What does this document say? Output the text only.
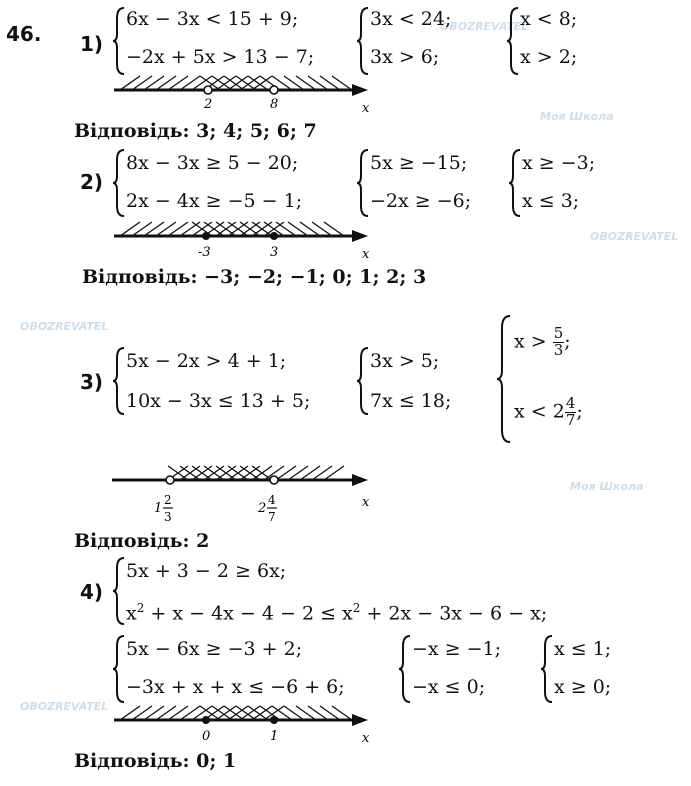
OBOZREVATEL
Моя Школа
OBOZREVATEL
OBOZREVATEL
Моя Школа
OBOZREVATEL
46. 1)
6x − 3x < 15 + 9;
−2x + 5x > 13 − 7;
3x < 24;
3x > 6;
x < 8;
x > 2;
2	8	x
Відповідь: 3; 4; 5; 6; 7
2)
8x − 3x ≥ 5 − 20;
2x − 4x ≥ −5 − 1;
5x ≥ −15;
−2x ≥ −6;
x ≥ −3;
x ≤ 3;
-3	3	x
Відповідь: −3; −2; −1; 0; 1; 2; 3
3)
5x − 2x > 4 + 1;
10x − 3x ≤ 13 + 5;
3x > 5;
7x ≤ 18;
$x > \frac{5}{3}$ ;
$x < 2 \frac{4}{7}$ ;
1
2
3
2
4
7
x
Відповідь: 2
4)
5x + 3 − 2 ≥ 6x;
$x^2 + x - 4x - 4 - 2 \le x^2 + 2x - 3x - 6 - x$;
5x − 6x ≥ −3 + 2;
−3x + x + x ≤ −6 + 6;
−x ≥ −1;
−x ≤ 0;
x ≤ 1;
x ≥ 0;
0	1	x
Відповідь: 0; 1
